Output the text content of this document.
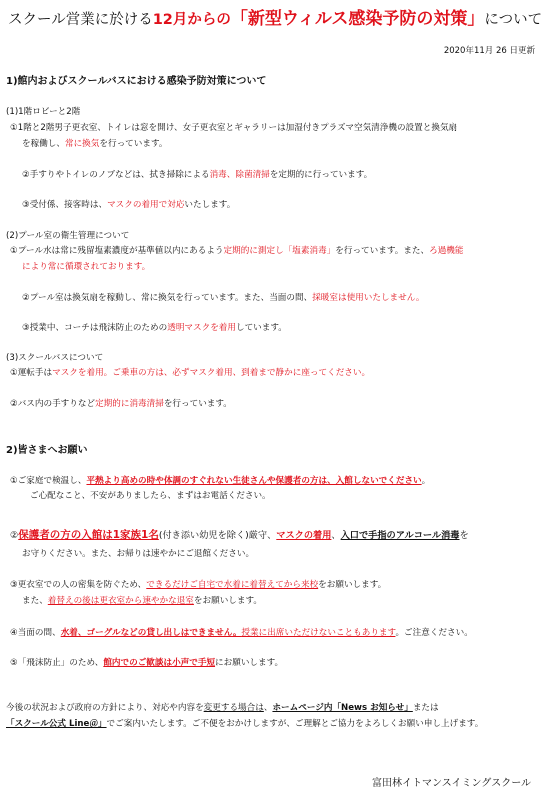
スクール営業に於ける12月からの「新型ウィルス感染予防の対策」について
2020年11月 26 日更新
1)館内およびスクールバスにおける感染予防対策について
(1)1階ロビーと2階
①1階と2階男子更衣室、トイレは窓を開け、女子更衣室とギャラリーは加湿付きプラズマ空気清浄機の設置と換気扇
を稼働し、常に換気を行っています。
②手すりやトイレのノブなどは、拭き掃除による消毒、除菌清掃を定期的に行っています。
③受付係、接客時は、マスクの着用で対応いたします。
(2)プール室の衛生管理について
①プール水は常に残留塩素濃度が基準値以内にあるよう定期的に測定し「塩素消毒」を行っています。また、ろ過機能
により常に循環されております。
②プール室は換気扇を稼動し、常に換気を行っています。また、当面の間、採暖室は使用いたしません。
③授業中、コーチは飛沫防止のための透明マスクを着用しています。
(3)スクールバスについて
①運転手はマスクを着用。ご乗車の方は、必ずマスク着用、到着まで静かに座ってください。
②バス内の手すりなど定期的に消毒清掃を行っています。
2)皆さまへお願い
①ご家庭で検温し、平熱より高めの時や体調のすぐれない生徒さんや保護者の方は、入館しないでください。
ご心配なこと、不安がありましたら、まずはお電話ください。
②保護者の方の入館は1家族1名(付き添い幼児を除く)厳守、マスクの着用、入口で手指のアルコール消毒を
お守りください。また、お帰りは速やかにご退館ください。
③更衣室での人の密集を防ぐため、できるだけご自宅で水着に着替えてから来校をお願いします。
また、着替えの後は更衣室から速やかな退室をお願いします。
④当面の間、水着、ゴーグルなどの貸し出しはできません。授業に出席いただけないこともあります。ご注意ください。
⑤「飛沫防止」のため、館内でのご歓談は小声で手短にお願いします。
今後の状況および政府の方針により、対応や内容を変更する場合は、ホームページ内「News お知らせ」または
「スクール公式 Line＠」でご案内いたします。ご不便をおかけしますが、ご理解とご協力をよろしくお願い申し上げます。
富田林イトマンスイミングスクール
